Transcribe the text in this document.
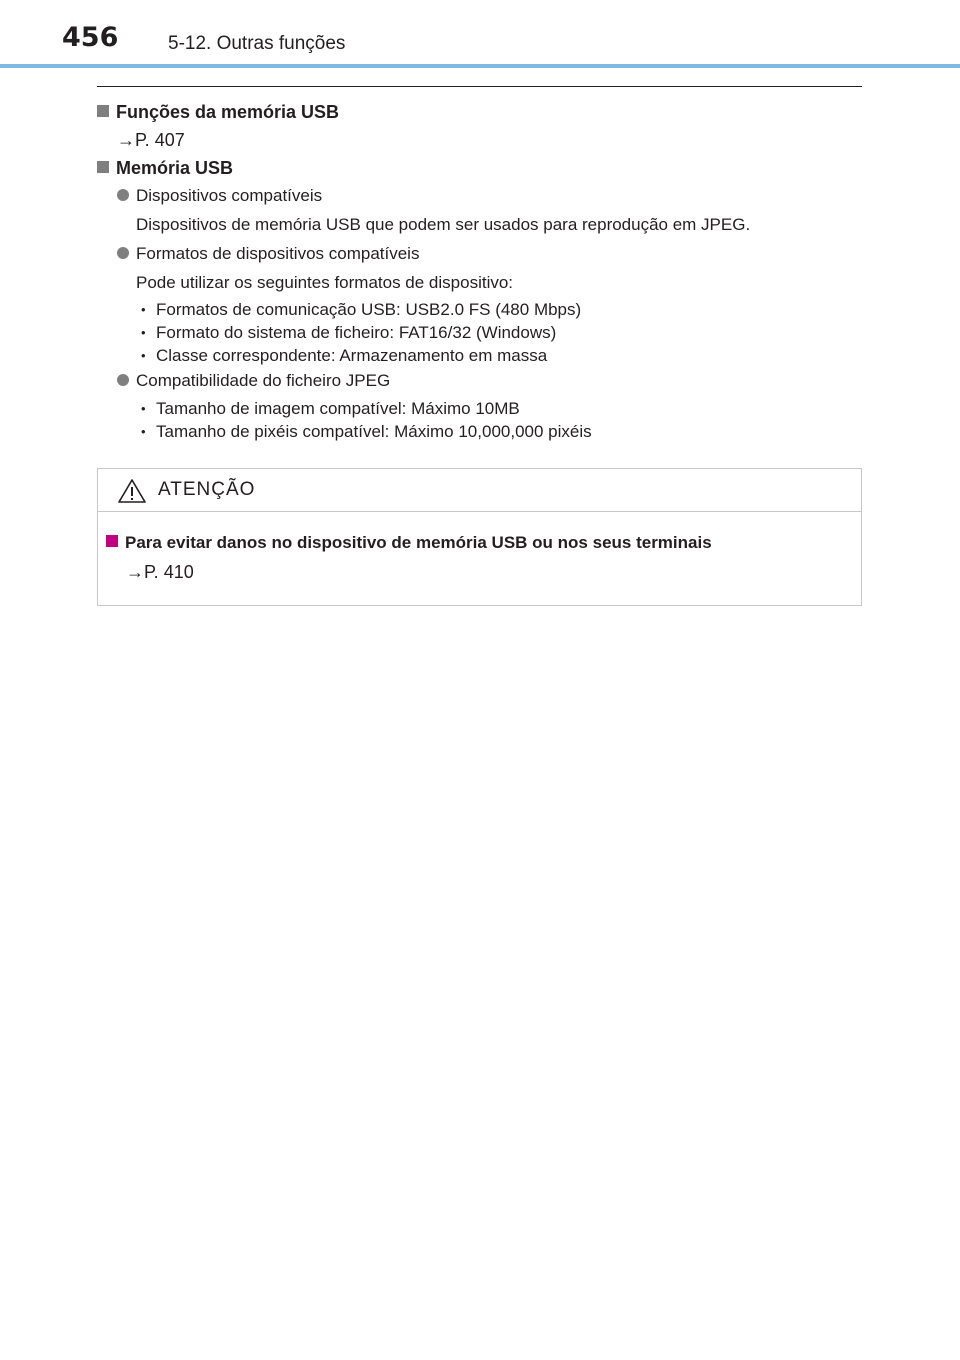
456	5-12. Outras funções
Funções da memória USB
→P. 407
Memória USB
Dispositivos compatíveis
Dispositivos de memória USB que podem ser usados para reprodução em JPEG.
Formatos de dispositivos compatíveis
Pode utilizar os seguintes formatos de dispositivo:
• Formatos de comunicação USB: USB2.0 FS (480 Mbps)
• Formato do sistema de ficheiro: FAT16/32 (Windows)
• Classe correspondente: Armazenamento em massa
Compatibilidade do ficheiro JPEG
• Tamanho de imagem compatível: Máximo 10MB
• Tamanho de pixéis compatível: Máximo 10,000,000 pixéis
ATENÇÃO
Para evitar danos no dispositivo de memória USB ou nos seus terminais
→P. 410
